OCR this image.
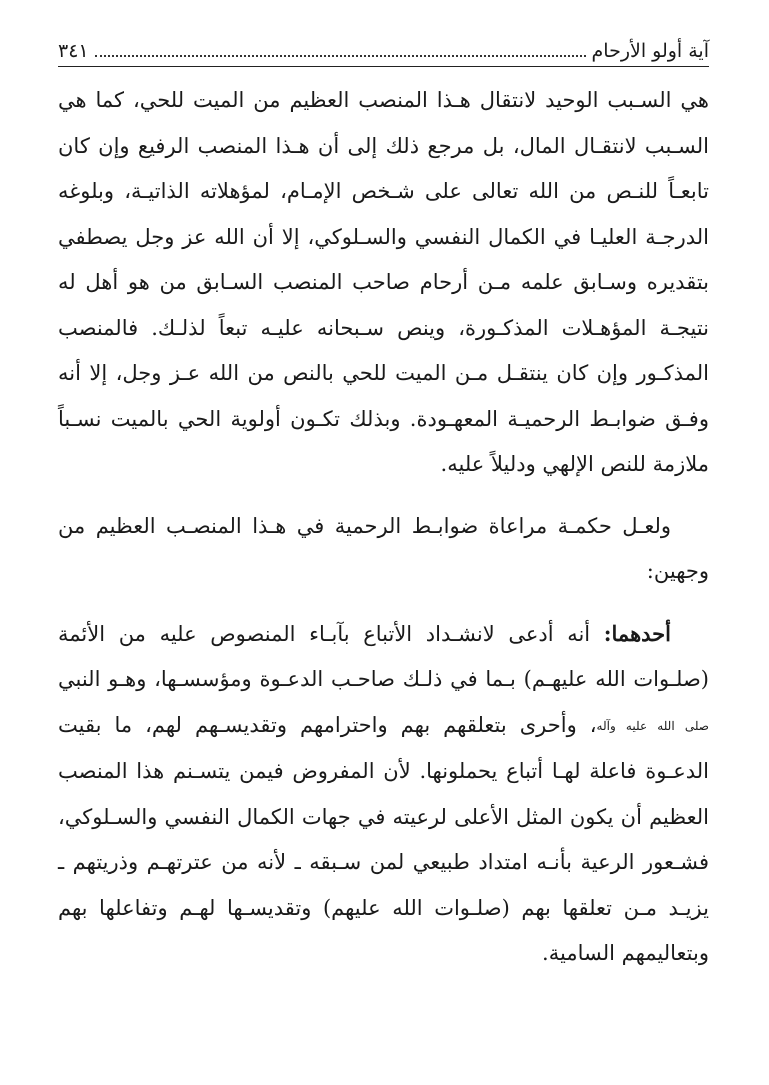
آية أولو الأرحام
٣٤١

هي السـبب الوحيد لانتقال هـذا المنصب العظيم من الميت للحي، كما هي السـبب لانتقـال المال، بل مرجع ذلك إلى أن هـذا المنصب الرفيع وإن كان تابعـاً للنـص من الله تعالى على شـخص الإمـام، لمؤهلاته الذاتيـة، وبلوغه الدرجـة العليـا في الكمال النفسي والسـلوكي، إلا أن الله عز وجل يصطفي بتقديره وسـابق علمه مـن أرحام صاحب المنصب السـابق من هو أهل له نتيجـة المؤهـلات المذكـورة، وينص سـبحانه عليـه تبعاً لذلـك. فالمنصب المذكـور وإن كان ينتقـل مـن الميت للحي بالنص من الله عـز وجل، إلا أنه وفـق ضوابـط الرحميـة المعهـودة. وبذلك تكـون أولوية الحي بالميت نسـباً ملازمة للنص الإلهي ودليلاً عليه.

ولعـل حكمـة مراعاة ضوابـط الرحمية في هـذا المنصـب العظيم من وجهين:

أحدهما: أنه أدعى لانشـداد الأتباع بآبـاء المنصوص عليه من الأئمة (صلـوات الله عليهـم) بـما في ذلـك صاحـب الدعـوة ومؤسسـها، وهـو النبي صلى الله عليه وآله، وأحرى بتعلقهم بهم واحترامهم وتقديسـهم لهم، ما بقيت الدعـوة فاعلة لهـا أتباع يحملونها. لأن المفروض فيمن يتسـنم هذا المنصب العظيم أن يكون المثل الأعلى لرعيته في جهات الكمال النفسي والسـلوكي، فشـعور الرعية بأنـه امتداد طبيعي لمن سـبقه ـ لأنه من عترتهـم وذريتهم ـ يزيـد مـن تعلقها بهم (صلـوات الله عليهم) وتقديسـها لهـم وتفاعلها بهم وبتعاليمهم السامية.
